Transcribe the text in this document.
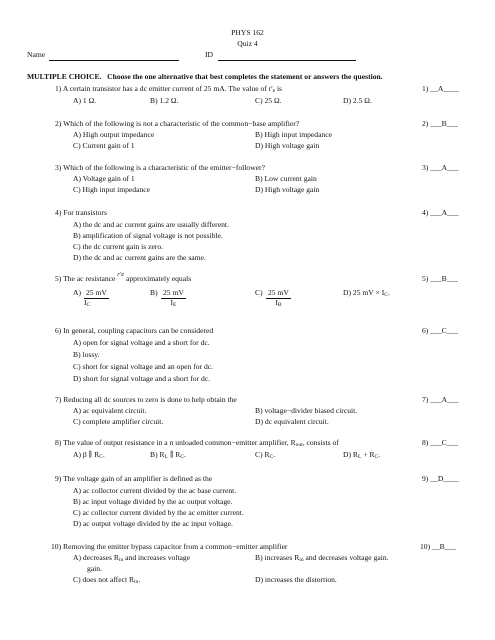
PHYS 162
Quiz 4
Name	ID
MULTIPLE CHOICE. Choose the one alternative that best completes the statement or answers the question.
1) A certain transistor has a dc emitter current of 25 mA. The value of $r'_e$ is	1) __A____
A) 1 Ω.	B) 1.2 Ω.	C) 25 Ω.	D) 2.5 Ω.
2) Which of the following is not a characteristic of the common−base amplifier?	2) ___B___
A) High output impedance	B) High input impedance
C) Current gain of 1	D) High voltage gain
3) Which of the following is a characteristic of the emitter−follower?	3) ___A___
A) Voltage gain of 1	B) Low current gain
C) High input impedance	D) High voltage gain
4) For transistors	4) ___A___
A) the dc and ac current gains are usually different.
B) amplification of signal voltage is not possible.
C) the dc current gain is zero.
D) the dc and ac current gains are the same.
5) The ac resistance r'e approximately equals	5) ___B___
$A) \frac{25 mV}{I_C}$	$B) \frac{25 mV}{I_E}$	$C) \frac{25 mV}{I_B}$	D) 25 mV × $I_C$.
6) In general, coupling capacitors can be considered	6) ___C___
A) open for signal voltage and a short for dc.
B) lossy.
C) short for signal voltage and an open for dc.
D) short for signal voltage and a short for dc.
7) Reducing all dc sources to zero is done to help obtain the	7) ___A___
A) ac equivalent circuit.	B) voltage−divider biased circuit.
C) complete amplifier circuit.	D) dc equivalent circuit.
8) The value of output resistance in a n unloaded common−emitter amplifier, $R_{out}$, consists of	8) ___C___
A) β ∥ $R_C$.	B) $R_L$ ∥ $R_C$.	C) $R_C$.	D) $R_L + R_C$.
9) The voltage gain of an amplifier is defined as the	9) __D____
A) ac collector current divided by the ac base current.
B) ac input voltage divided by the ac output voltage.
C) ac collector current divided by the ac emitter current.
D) ac output voltage divided by the ac input voltage.
10) Removing the emitter bypass capacitor from a common−emitter amplifier	10) __B___
A) decreases $R_{in}$ and increases voltage
gain.
B) increases $R_{in}$ and decreases voltage gain.
C) does not affect $R_{in}$.	D) increases the distortion.
